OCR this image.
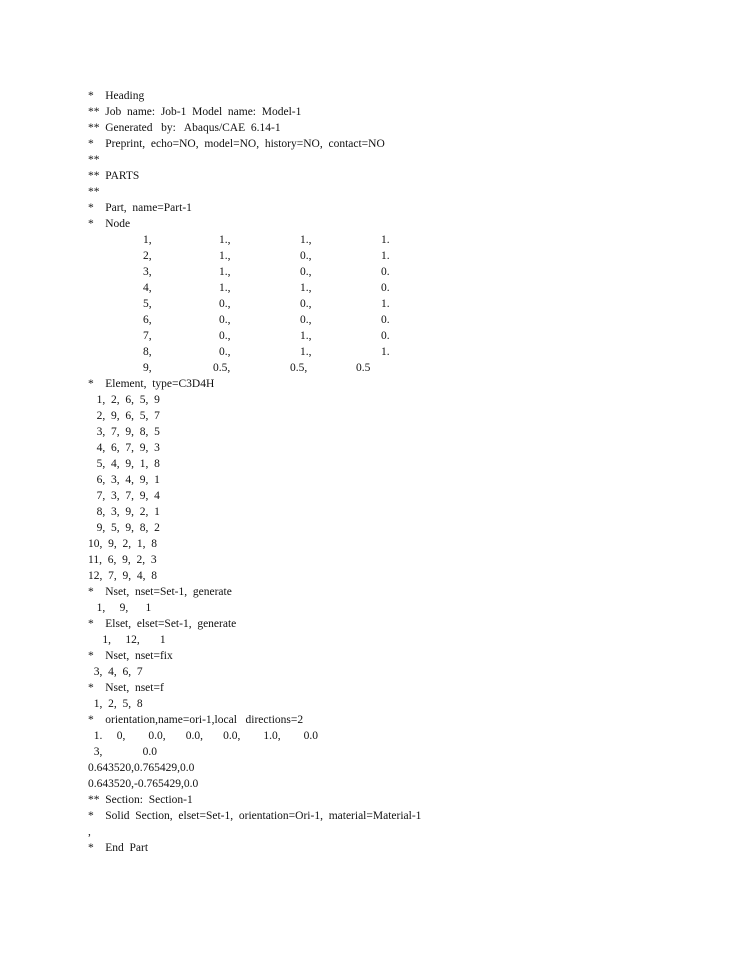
*    Heading
**  Job  name:  Job-1  Model  name:  Model-1
**  Generated   by:   Abaqus/CAE  6.14-1
*    Preprint,  echo=NO,  model=NO,  history=NO,  contact=NO
**
**  PARTS
**
*    Part,  name=Part-1
*    Node
1,	1.,	1.,	1.
2,	1.,	0.,	1.
3,	1.,	0.,	0.
4,	1.,	1.,	0.
5,	0.,	0.,	1.
6,	0.,	0.,	0.
7,	0.,	1.,	0.
8,	0.,	1.,	1.
9,	0.5,	0.5,	0.5
*    Element,  type=C3D4H
1,  2,  6,  5,  9
2,  9,  6,  5,  7
3,  7,  9,  8,  5
4,  6,  7,  9,  3
5,  4,  9,  1,  8
6,  3,  4,  9,  1
7,  3,  7,  9,  4
8,  3,  9,  2,  1
9,  5,  9,  8,  2
10,  9,  2,  1,  8
11,  6,  9,  2,  3
12,  7,  9,  4,  8
*    Nset,  nset=Set-1,  generate
1,     9,      1
*    Elset,  elset=Set-1,  generate
1,     12,       1
*    Nset,  nset=fix
3,  4,  6,  7
*    Nset,  nset=f
1,  2,  5,  8
*    orientation,name=ori-1,local   directions=2
1.     0,        0.0,       0.0,       0.0,        1.0,        0.0
3,              0.0
0.643520,0.765429,0.0
0.643520,-0.765429,0.0
**  Section:  Section-1
*    Solid  Section,  elset=Set-1,  orientation=Ori-1,  material=Material-1
,
*    End  Part
